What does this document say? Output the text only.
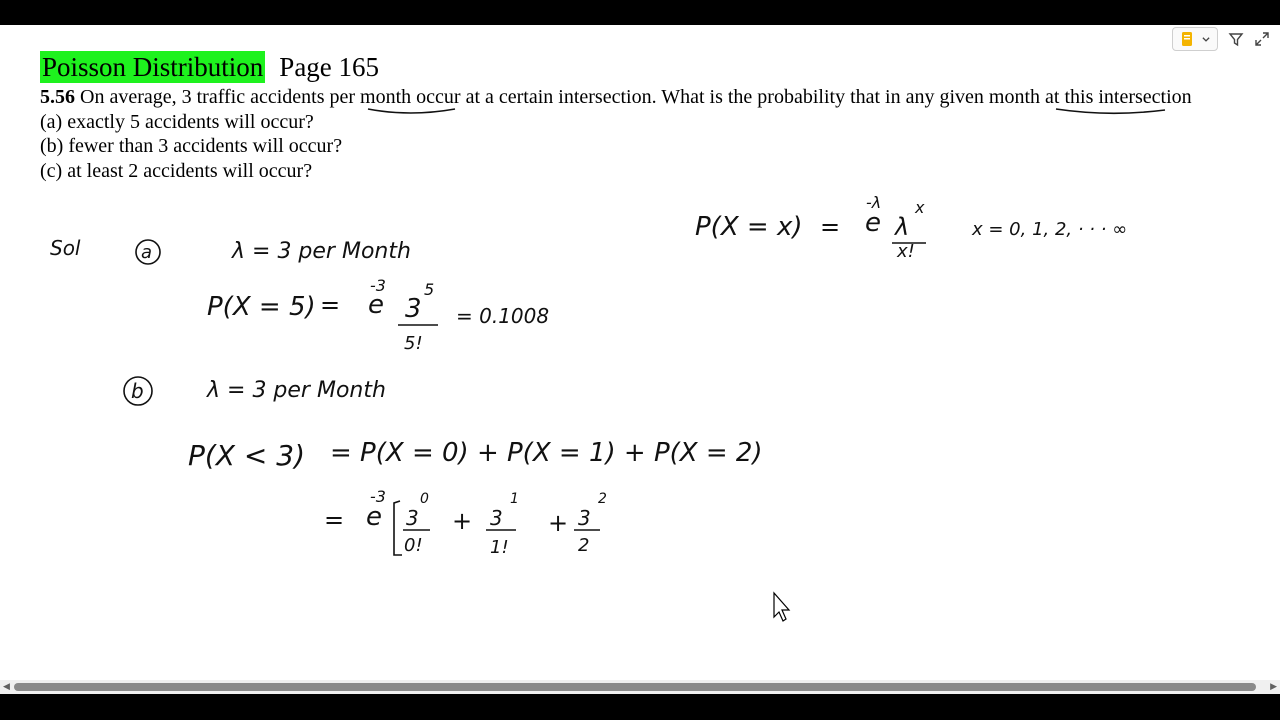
Poisson Distribution Page 165
5.56 On average, 3 traffic accidents per month occur at a certain intersection. What is the probability that in any given month at this intersection
(a) exactly 5 accidents will occur?
(b) fewer than 3 accidents will occur?
(c) at least 2 accidents will occur?
Sol	a	λ = 3 per Month
P(X = x) = e
-λ
λ
x
x!
x = 0, 1, 2, · · · ∞
P(X = 5) = e
-3
3
5
5!
= 0.1008
b	λ = 3 per Month
P(X < 3) = P(X = 0) + P(X = 1) + P(X = 2)
= e
-3
3
0
0!
+ 3
1
1!
+ 3
2
2
◀	▶
